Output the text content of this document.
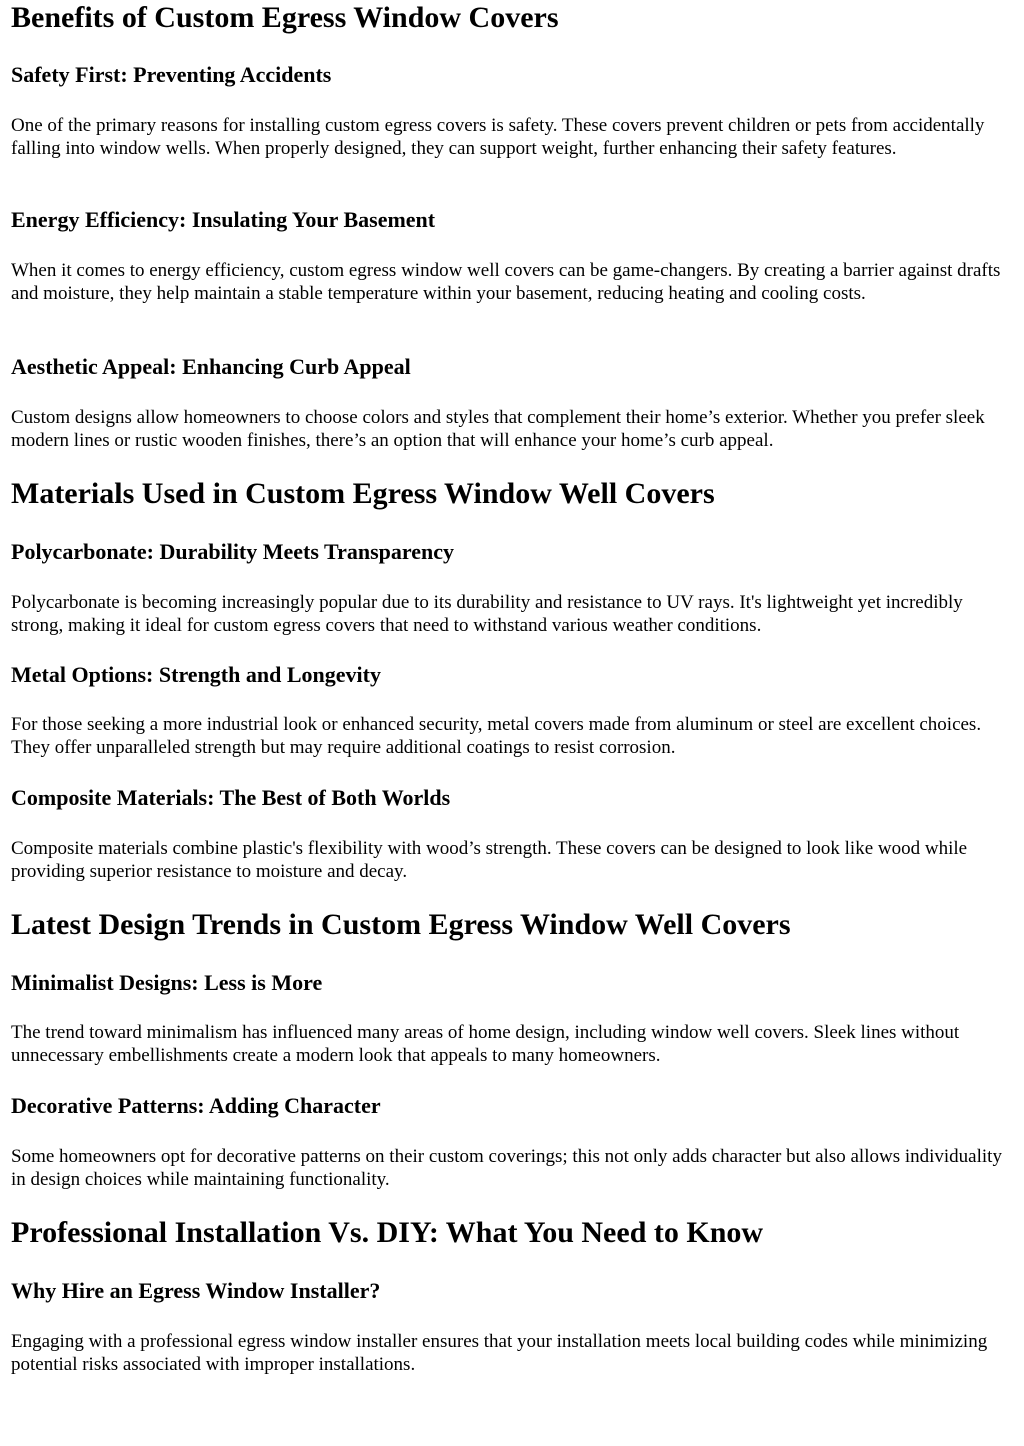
Benefits of Custom Egress Window Covers
Safety First: Preventing Accidents

One of the primary reasons for installing custom egress covers is safety. These covers prevent children or pets from accidentally falling into window wells. When properly designed, they can support weight, further enhancing their safety features.

Energy Efficiency: Insulating Your Basement

When it comes to energy efficiency, custom egress window well covers can be game-changers. By creating a barrier against drafts and moisture, they help maintain a stable temperature within your basement, reducing heating and cooling costs.

Aesthetic Appeal: Enhancing Curb Appeal

Custom designs allow homeowners to choose colors and styles that complement their home’s exterior. Whether you prefer sleek modern lines or rustic wooden finishes, there’s an option that will enhance your home’s curb appeal.

Materials Used in Custom Egress Window Well Covers
Polycarbonate: Durability Meets Transparency

Polycarbonate is becoming increasingly popular due to its durability and resistance to UV rays. It's lightweight yet incredibly strong, making it ideal for custom egress covers that need to withstand various weather conditions.

Metal Options: Strength and Longevity

For those seeking a more industrial look or enhanced security, metal covers made from aluminum or steel are excellent choices. They offer unparalleled strength but may require additional coatings to resist corrosion.

Composite Materials: The Best of Both Worlds

Composite materials combine plastic's flexibility with wood’s strength. These covers can be designed to look like wood while providing superior resistance to moisture and decay.

Latest Design Trends in Custom Egress Window Well Covers
Minimalist Designs: Less is More

The trend toward minimalism has influenced many areas of home design, including window well covers. Sleek lines without unnecessary embellishments create a modern look that appeals to many homeowners.

Decorative Patterns: Adding Character

Some homeowners opt for decorative patterns on their custom coverings; this not only adds character but also allows individuality in design choices while maintaining functionality.

Professional Installation Vs. DIY: What You Need to Know
Why Hire an Egress Window Installer?

Engaging with a professional egress window installer ensures that your installation meets local building codes while minimizing potential risks associated with improper installations.
